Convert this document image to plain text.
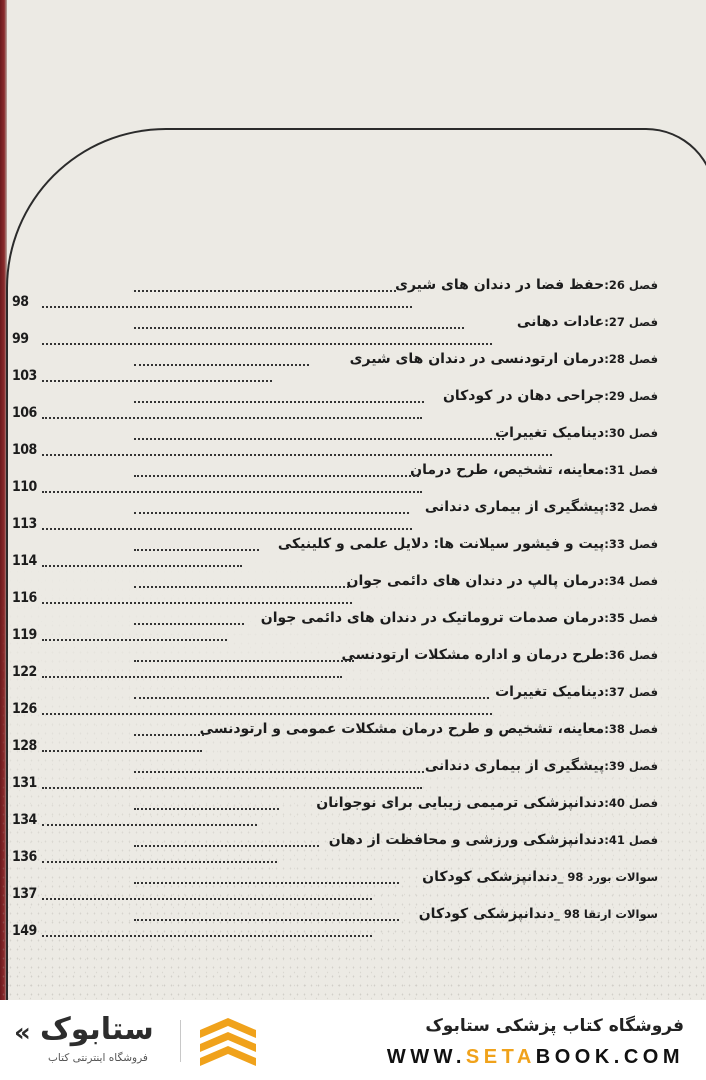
فصل 26:حفظ فضا در دندان های شیری
98
فصل 27:عادات دهانی
99
فصل 28:درمان ارتودنسی در دندان های شیری
103
فصل 29:جراحی دهان در کودکان
106
فصل 30:دینامیک تغییرات
108
فصل 31:معاینه، تشخیص، طرح درمان
110
فصل 32:پیشگیری از بیماری دندانی
113
فصل 33:پیت و فیشور سیلانت ها: دلایل علمی و کلینیکی
114
فصل 34:درمان پالپ در دندان های دائمی جوان
116
فصل 35:درمان صدمات تروماتیک در دندان های دائمی جوان
119
فصل 36:طرح درمان و اداره مشکلات ارتودنسی
122
فصل 37:دینامیک تغییرات
126
فصل 38:معاینه، تشخیص و طرح درمان مشکلات عمومی و ارتودنسی
128
فصل 39:پیشگیری از بیماری دندانی
131
فصل 40:دندانپزشکی ترمیمی زیبایی برای نوجوانان
134
فصل 41:دندانپزشکی ورزشی و محافظت از دهان
136
سوالات بورد 98 _دندانپزشکی کودکان
137
سوالات ارتقا 98 _دندانپزشکی کودکان
149
فروشگاه کتاب پزشکی ستابوک
WWW.SETABOOK.COM
ستابوک
فروشگاه اینترنتی کتاب
«
